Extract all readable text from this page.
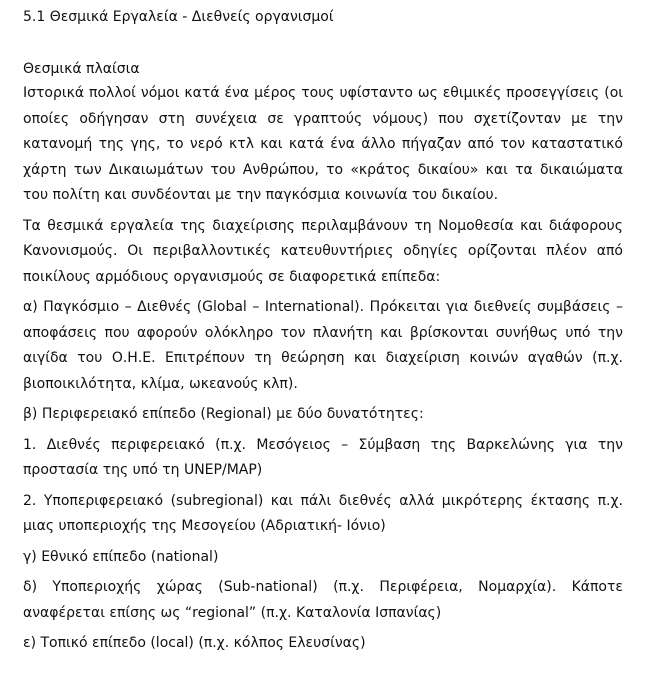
5.1 Θεσμικά Εργαλεία - Διεθνείς οργανισμοί
Θεσμικά πλαίσια

Ιστορικά πολλοί νόμοι κατά ένα μέρος τους υφίσταντο ως εθιμικές προσεγγίσεις (οι οποίες οδήγησαν στη συνέχεια σε γραπτούς νόμους) που σχετίζονταν με την κατανομή της γης, το νερό κτλ και κατά ένα άλλο πήγαζαν από τον καταστατικό χάρτη των Δικαιωμάτων του Ανθρώπου, το «κράτος δικαίου» και τα δικαιώματα του πολίτη και συνδέονται με την παγκόσμια κοινωνία του δικαίου.

Τα θεσμικά εργαλεία της διαχείρισης περιλαμβάνουν τη Νομοθεσία και διάφορους Κανονισμούς. Οι περιβαλλοντικές κατευθυντήριες οδηγίες ορίζονται πλέον από ποικίλους αρμόδιους οργανισμούς σε διαφορετικά επίπεδα:

α) Παγκόσμιο – Διεθνές (Global – International). Πρόκειται για διεθνείς συμβάσεις – αποφάσεις που αφορούν ολόκληρο τον πλανήτη και βρίσκονται συνήθως υπό την αιγίδα του Ο.Η.Ε. Επιτρέπουν τη θεώρηση και διαχείριση κοινών αγαθών (π.χ. βιοποικιλότητα, κλίμα, ωκεανούς κλπ).

β) Περιφερειακό επίπεδο (Regional) με δύο δυνατότητες:

1. Διεθνές περιφερειακό (π.χ. Μεσόγειος – Σύμβαση της Βαρκελώνης για την προστασία της υπό τη UNEP/MAP)

2. Υποπεριφερειακό (subregional) και πάλι διεθνές αλλά μικρότερης έκτασης π.χ. μιας υποπεριοχής της Μεσογείου (Αδριατική- Ιόνιο)

γ) Εθνικό επίπεδο (national)

δ) Υποπεριοχής χώρας (Sub-national) (π.χ. Περιφέρεια, Νομαρχία). Κάποτε αναφέρεται επίσης ως “regional” (π.χ. Καταλονία Ισπανίας)

ε) Τοπικό επίπεδο (local) (π.χ. κόλπος Ελευσίνας)
